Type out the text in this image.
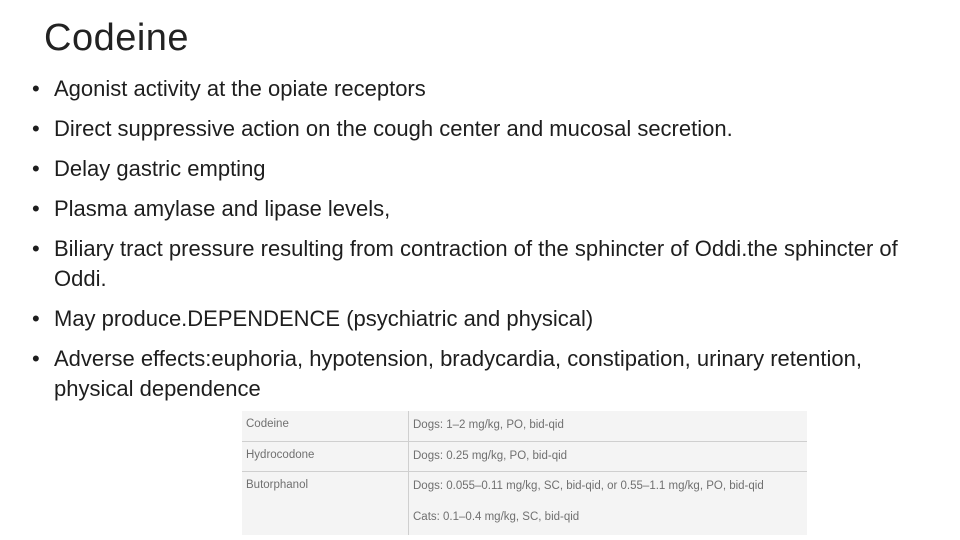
Codeine
• Agonist activity at the opiate receptors
• Direct suppressive action on the cough center and mucosal secretion.
• Delay gastric empting
• Plasma amylase and lipase levels,
• Biliary tract pressure resulting from contraction of the sphincter of Oddi.the sphincter of Oddi.
• May produce.DEPENDENCE (psychiatric and physical)
• Adverse effects:euphoria, hypotension, bradycardia, constipation, urinary retention, physical dependence
Codeine	Dogs: 1–2 mg/kg, PO, bid-qid

Hydrocodone	Dogs: 0.25 mg/kg, PO, bid-qid

Butorphanol	Dogs: 0.055–0.11 mg/kg, SC, bid-qid, or 0.55–1.1 mg/kg, PO, bid-qid
Cats: 0.1–0.4 mg/kg, SC, bid-qid
